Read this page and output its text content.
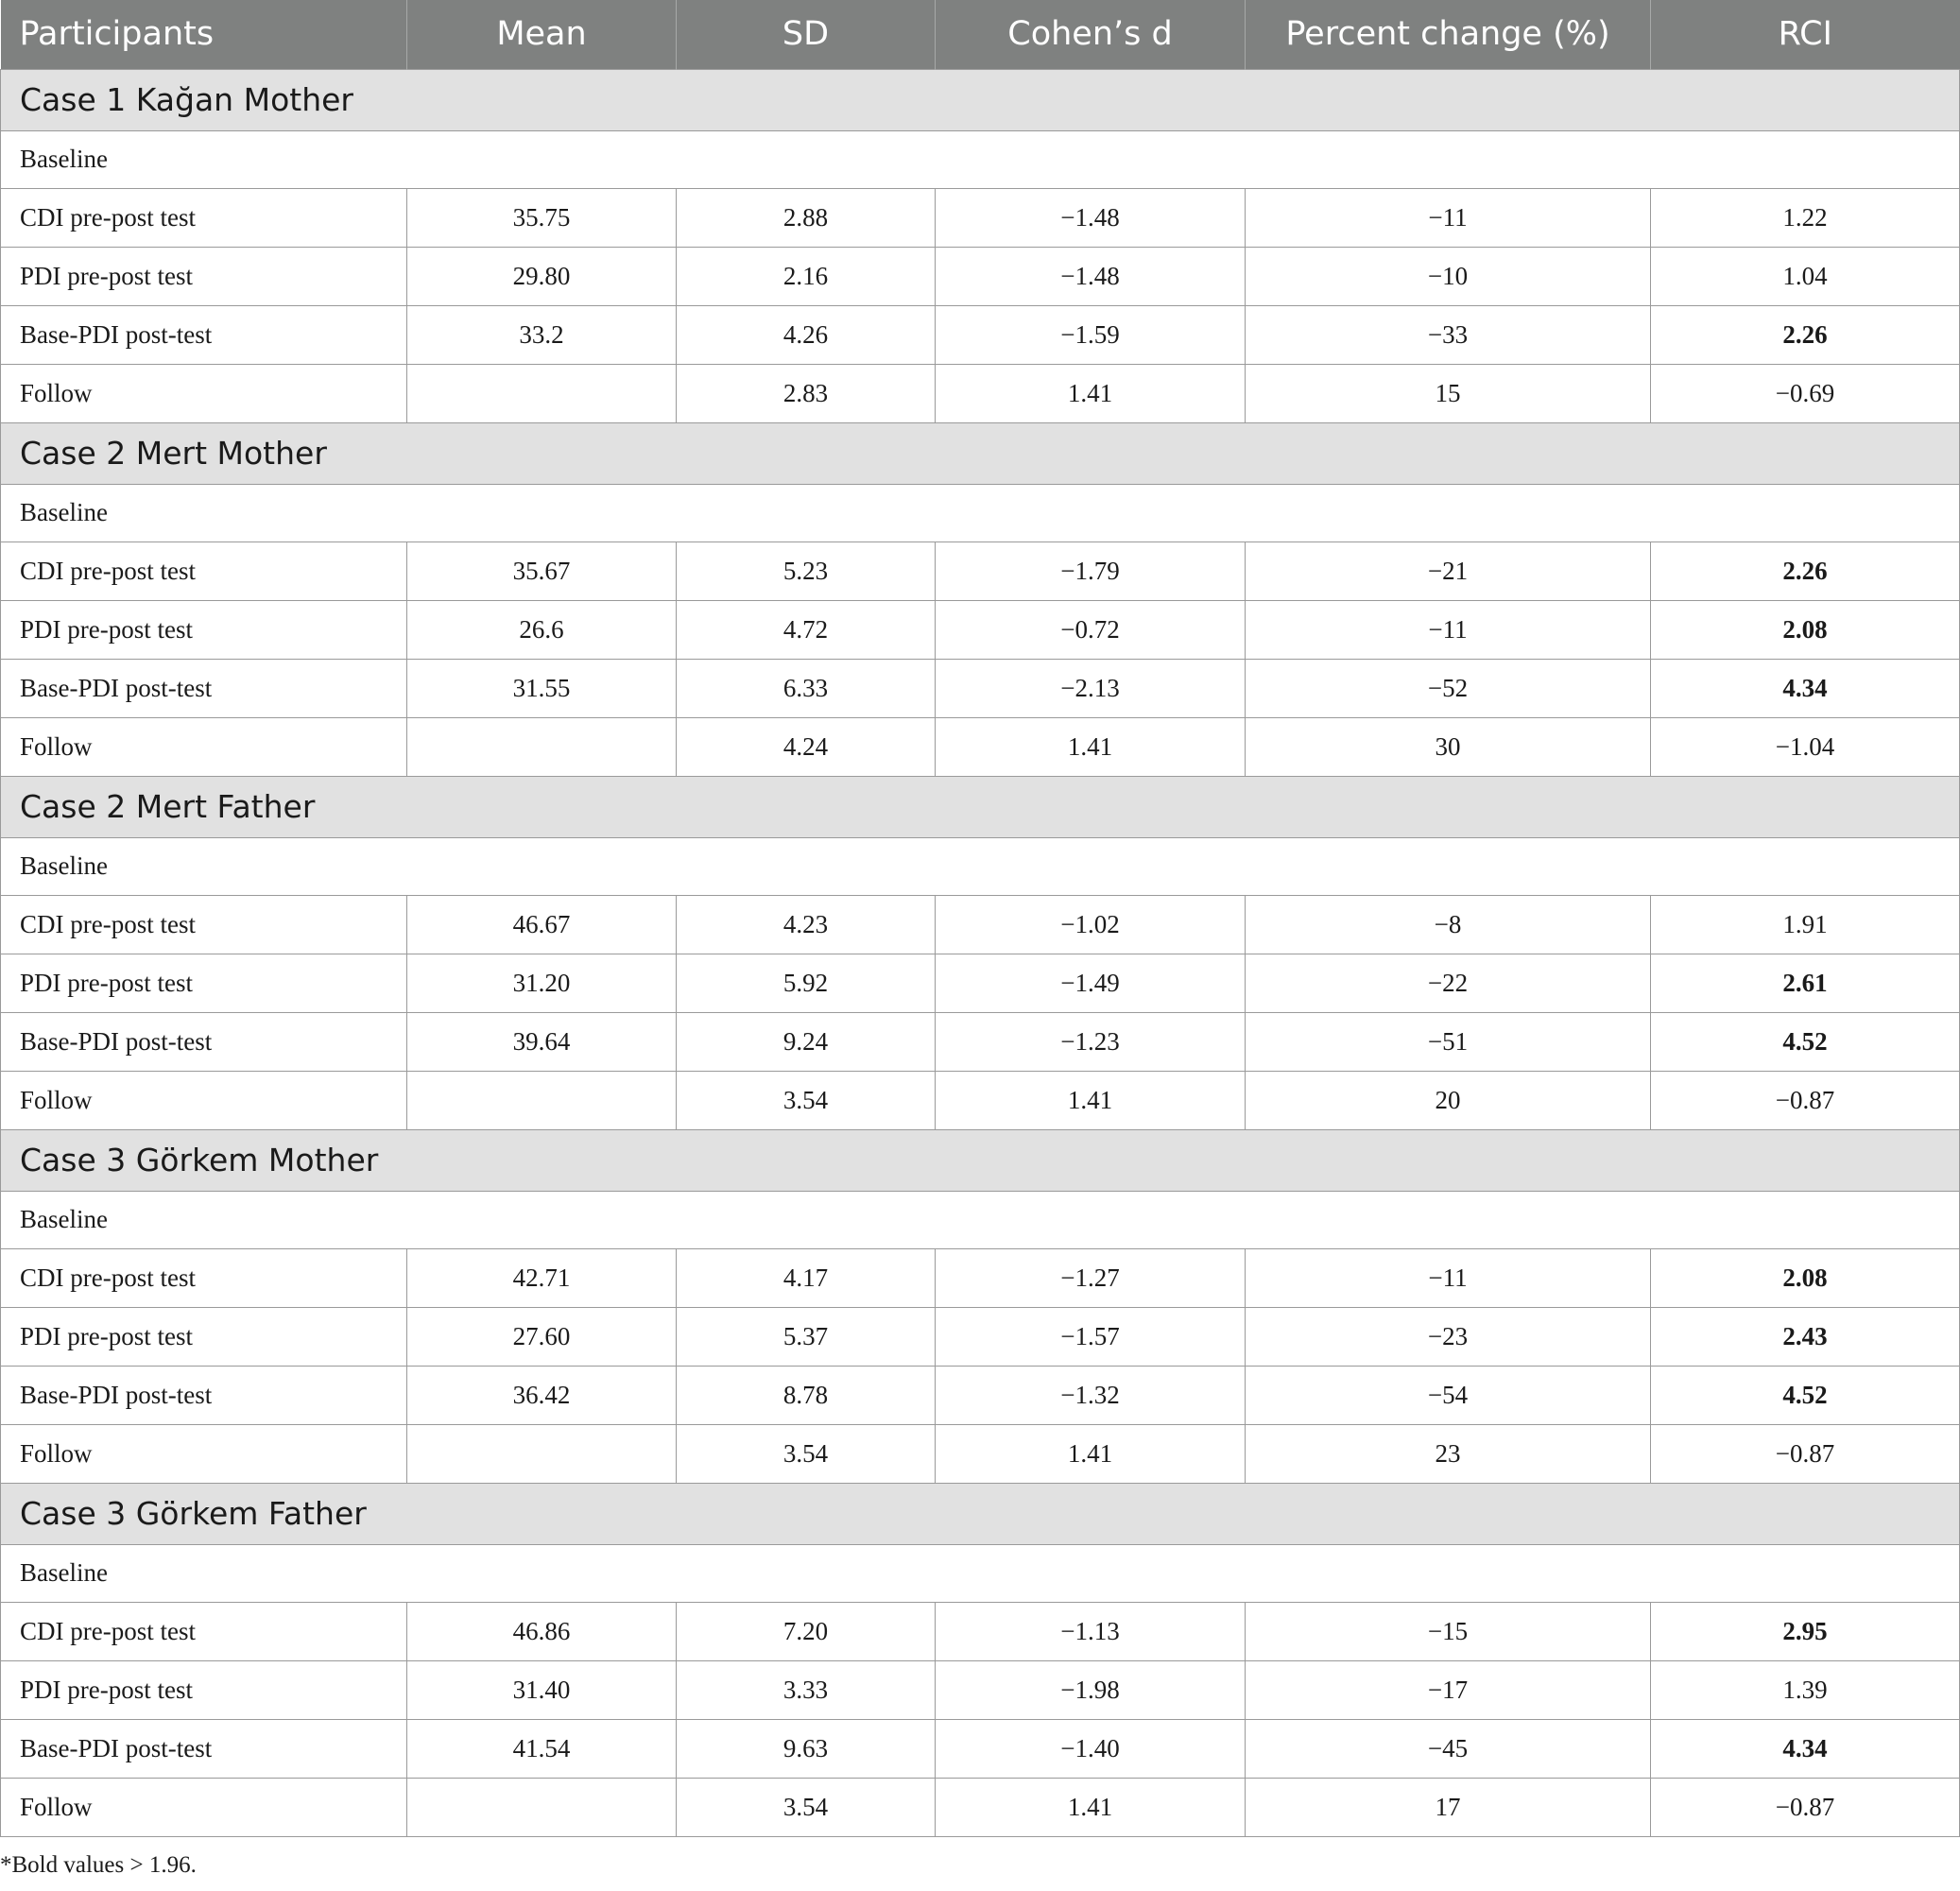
Participants	Mean	SD	Cohen’s d	Percent change (%)	RCI
Case 1 Kağan Mother					
Baseline					
CDI pre-post test	35.75	2.88	−1.48	−11	1.22
PDI pre-post test	29.80	2.16	−1.48	−10	1.04
Base-PDI post-test	33.2	4.26	−1.59	−33	2.26
Follow		2.83	1.41	15	−0.69
Case 2 Mert Mother					
Baseline					
CDI pre-post test	35.67	5.23	−1.79	−21	2.26
PDI pre-post test	26.6	4.72	−0.72	−11	2.08
Base-PDI post-test	31.55	6.33	−2.13	−52	4.34
Follow		4.24	1.41	30	−1.04
Case 2 Mert Father					
Baseline					
CDI pre-post test	46.67	4.23	−1.02	−8	1.91
PDI pre-post test	31.20	5.92	−1.49	−22	2.61
Base-PDI post-test	39.64	9.24	−1.23	−51	4.52
Follow		3.54	1.41	20	−0.87
Case 3 Görkem Mother					
Baseline					
CDI pre-post test	42.71	4.17	−1.27	−11	2.08
PDI pre-post test	27.60	5.37	−1.57	−23	2.43
Base-PDI post-test	36.42	8.78	−1.32	−54	4.52
Follow		3.54	1.41	23	−0.87
Case 3 Görkem Father					
Baseline					
CDI pre-post test	46.86	7.20	−1.13	−15	2.95
PDI pre-post test	31.40	3.33	−1.98	−17	1.39
Base-PDI post-test	41.54	9.63	−1.40	−45	4.34
Follow		3.54	1.41	17	−0.87

*Bold values > 1.96.
